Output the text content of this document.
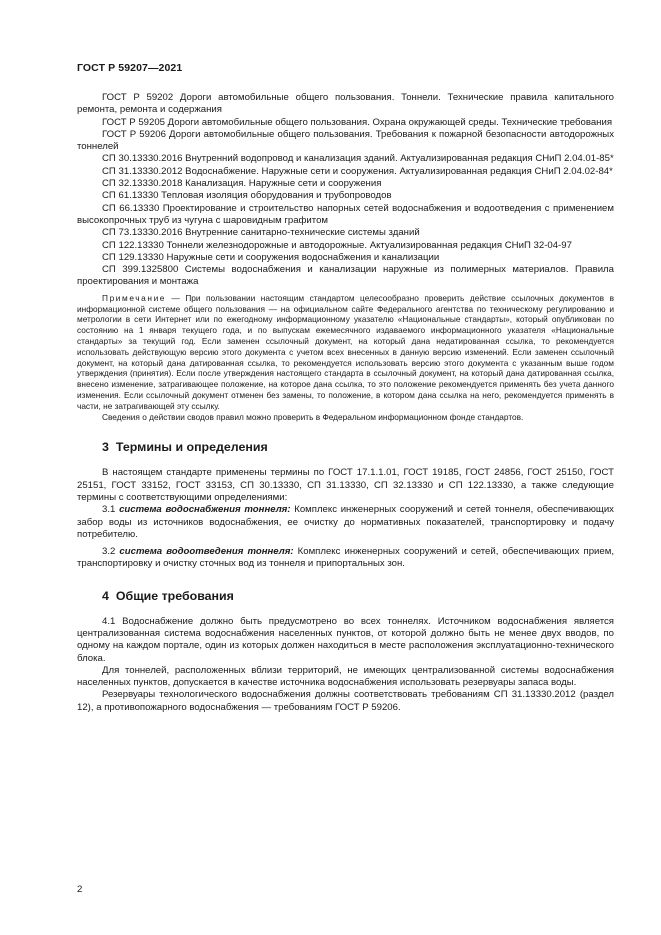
ГОСТ Р 59207—2021

ГОСТ Р 59202 Дороги автомобильные общего пользования. Тоннели. Технические правила капитального ремонта, ремонта и содержания

ГОСТ Р 59205 Дороги автомобильные общего пользования. Охрана окружающей среды. Технические требования

ГОСТ Р 59206 Дороги автомобильные общего пользования. Требования к пожарной безопасности автодорожных тоннелей

СП 30.13330.2016 Внутренний водопровод и канализация зданий. Актуализированная редакция СНиП 2.04.01-85*

СП 31.13330.2012 Водоснабжение. Наружные сети и сооружения. Актуализированная редакция СНиП 2.04.02-84*

СП 32.13330.2018 Канализация. Наружные сети и сооружения

СП 61.13330 Тепловая изоляция оборудования и трубопроводов

СП 66.13330 Проектирование и строительство напорных сетей водоснабжения и водоотведения с применением высокопрочных труб из чугуна с шаровидным графитом

СП 73.13330.2016 Внутренние санитарно-технические системы зданий

СП 122.13330 Тоннели железнодорожные и автодорожные. Актуализированная редакция СНиП 32-04-97

СП 129.13330 Наружные сети и сооружения водоснабжения и канализации

СП 399.1325800 Системы водоснабжения и канализации наружные из полимерных материалов. Правила проектирования и монтажа

Примечание — При пользовании настоящим стандартом целесообразно проверить действие ссылочных документов в информационной системе общего пользования — на официальном сайте Федерального агентства по техническому регулированию и метрологии в сети Интернет или по ежегодному информационному указателю «Национальные стандарты», который опубликован по состоянию на 1 января текущего года, и по выпускам ежемесячного издаваемого информационного указателя «Национальные стандарты» за текущий год. Если заменен ссылочный документ, на который дана недатированная ссылка, то рекомендуется использовать действующую версию этого документа с учетом всех внесенных в данную версию изменений. Если заменен ссылочный документ, на который дана датированная ссылка, то рекомендуется использовать версию этого документа с указанным выше годом утверждения (принятия). Если после утверждения настоящего стандарта в ссылочный документ, на который дана датированная ссылка, внесено изменение, затрагивающее положение, на которое дана ссылка, то это положение рекомендуется применять без учета данного изменения. Если ссылочный документ отменен без замены, то положение, в котором дана ссылка на него, рекомендуется применять в части, не затрагивающей эту ссылку.

Сведения о действии сводов правил можно проверить в Федеральном информационном фонде стандартов.

3 Термины и определения

В настоящем стандарте применены термины по ГОСТ 17.1.1.01, ГОСТ 19185, ГОСТ 24856, ГОСТ 25150, ГОСТ 25151, ГОСТ 33152, ГОСТ 33153, СП 30.13330, СП 31.13330, СП 32.13330 и СП 122.13330, а также следующие термины с соответствующими определениями:

3.1 система водоснабжения тоннеля: Комплекс инженерных сооружений и сетей тоннеля, обеспечивающих забор воды из источников водоснабжения, ее очистку до нормативных показателей, транспортировку и подачу потребителю.

3.2 система водоотведения тоннеля: Комплекс инженерных сооружений и сетей, обеспечивающих прием, транспортировку и очистку сточных вод из тоннеля и припортальных зон.

4 Общие требования

4.1 Водоснабжение должно быть предусмотрено во всех тоннелях. Источником водоснабжения является централизованная система водоснабжения населенных пунктов, от которой должно быть не менее двух вводов, по одному на каждом портале, один из которых должен находиться в месте расположения эксплуатационно-технического блока.

Для тоннелей, расположенных вблизи территорий, не имеющих централизованной системы водоснабжения населенных пунктов, допускается в качестве источника водоснабжения использовать резервуары запаса воды.

Резервуары технологического водоснабжения должны соответствовать требованиям СП 31.13330.2012 (раздел 12), а противопожарного водоснабжения — требованиям ГОСТ Р 59206.

2
